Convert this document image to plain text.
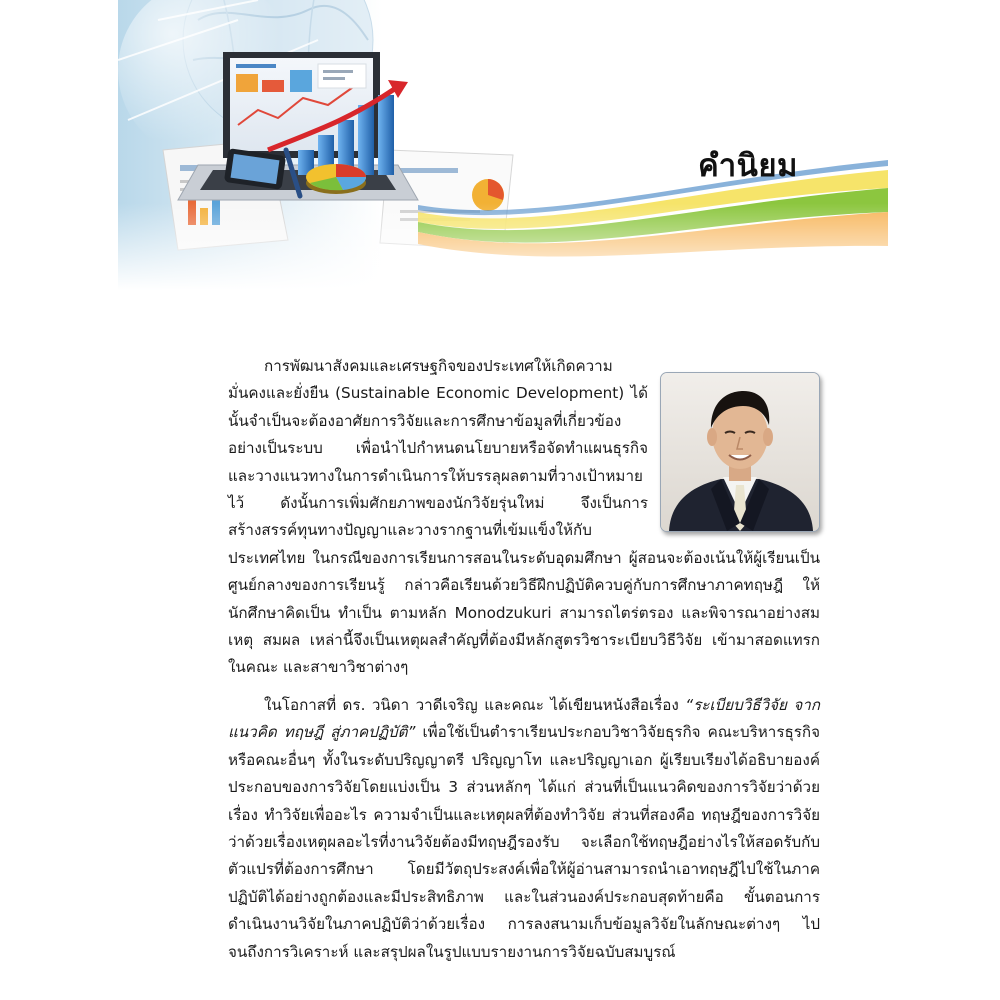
คำนิยม

การพัฒนาสังคมและเศรษฐกิจของประเทศให้เกิดความมั่นคงและยั่งยืน (Sustainable Economic Development) ได้นั้นจำเป็นจะต้องอาศัยการวิจัยและการศึกษาข้อมูลที่เกี่ยวข้องอย่างเป็นระบบ เพื่อนำไปกำหนดนโยบายหรือจัดทำแผนธุรกิจ และวางแนวทางในการดำเนินการให้บรรลุผลตามที่วางเป้าหมายไว้ ดังนั้นการเพิ่มศักยภาพของนักวิจัยรุ่นใหม่ จึงเป็นการสร้างสรรค์ทุนทางปัญญาและวางรากฐานที่เข้มแข็งให้กับประเทศไทย ในกรณีของการเรียนการสอนในระดับอุดมศึกษา ผู้สอนจะต้องเน้นให้ผู้เรียนเป็นศูนย์กลางของการเรียนรู้ กล่าวคือเรียนด้วยวิธีฝึกปฏิบัติควบคู่กับการศึกษาภาคทฤษฎี ให้นักศึกษาคิดเป็น ทำเป็น ตามหลัก Monodzukuri สามารถไตร่ตรอง และพิจารณาอย่างสมเหตุ สมผล เหล่านี้จึงเป็นเหตุผลสำคัญที่ต้องมีหลักสูตรวิชาระเบียบวิธีวิจัย เข้ามาสอดแทรกในคณะ และสาขาวิชาต่างๆ

ในโอกาสที่ ดร. วนิดา วาดีเจริญ และคณะ ได้เขียนหนังสือเรื่อง “ระเบียบวิธีวิจัย จากแนวคิด ทฤษฎี สู่ภาคปฏิบัติ” เพื่อใช้เป็นตำราเรียนประกอบวิชาวิจัยธุรกิจ คณะบริหารธุรกิจ หรือคณะอื่นๆ ทั้งในระดับปริญญาตรี ปริญญาโท และปริญญาเอก ผู้เรียบเรียงได้อธิบายองค์ประกอบของการวิจัยโดยแบ่งเป็น 3 ส่วนหลักๆ ได้แก่ ส่วนที่เป็นแนวคิดของการวิจัยว่าด้วยเรื่อง ทำวิจัยเพื่ออะไร ความจำเป็นและเหตุผลที่ต้องทำวิจัย ส่วนที่สองคือ ทฤษฎีของการวิจัย ว่าด้วยเรื่องเหตุผลอะไรที่งานวิจัยต้องมีทฤษฎีรองรับ จะเลือกใช้ทฤษฎีอย่างไรให้สอดรับกับตัวแปรที่ต้องการศึกษา โดยมีวัตถุประสงค์เพื่อให้ผู้อ่านสามารถนำเอาทฤษฎีไปใช้ในภาคปฏิบัติได้อย่างถูกต้องและมีประสิทธิภาพ และในส่วนองค์ประกอบสุดท้ายคือ ขั้นตอนการดำเนินงานวิจัยในภาคปฏิบัติว่าด้วยเรื่อง การลงสนามเก็บข้อมูลวิจัยในลักษณะต่างๆ ไปจนถึงการวิเคราะห์ และสรุปผลในรูปแบบรายงานการวิจัยฉบับสมบูรณ์
